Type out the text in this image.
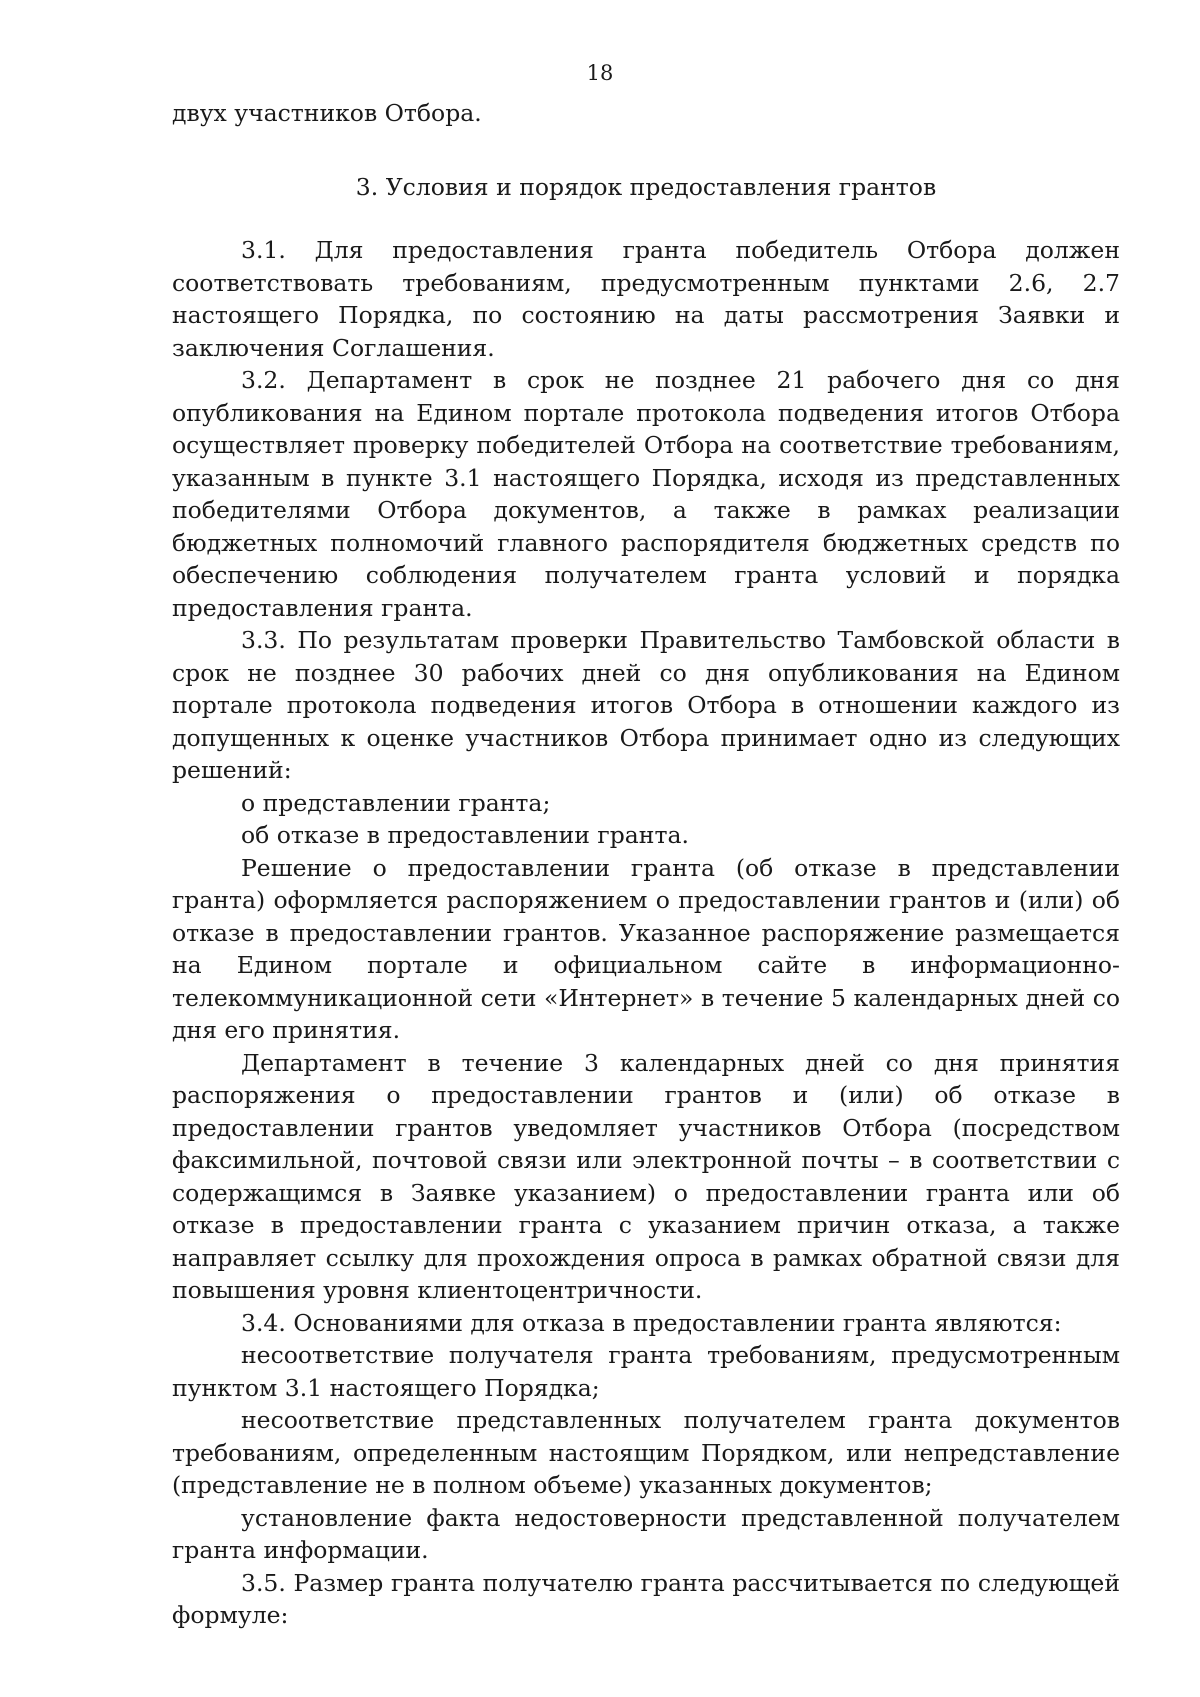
18

двух участников Отбора.

3. Условия и порядок предоставления грантов

3.1. Для предоставления гранта победитель Отбора должен соответствовать требованиям, предусмотренным пунктами 2.6, 2.7 настоящего Порядка, по состоянию на даты рассмотрения Заявки и заключения Соглашения.

3.2. Департамент в срок не позднее 21 рабочего дня со дня опубликования на Едином портале протокола подведения итогов Отбора осуществляет проверку победителей Отбора на соответствие требованиям, указанным в пункте 3.1 настоящего Порядка, исходя из представленных победителями Отбора документов, а также в рамках реализации бюджетных полномочий главного распорядителя бюджетных средств по обеспечению соблюдения получателем гранта условий и порядка предоставления гранта.

3.3. По результатам проверки Правительство Тамбовской области в срок не позднее 30 рабочих дней со дня опубликования на Едином портале протокола подведения итогов Отбора в отношении каждого из допущенных к оценке участников Отбора принимает одно из следующих решений:

о представлении гранта;

об отказе в предоставлении гранта.

Решение о предоставлении гранта (об отказе в представлении гранта) оформляется распоряжением о предоставлении грантов и (или) об отказе в предоставлении грантов. Указанное распоряжение размещается на Едином портале и официальном сайте в информационно-телекоммуникационной сети «Интернет» в течение 5 календарных дней со дня его принятия.

Департамент в течение 3 календарных дней со дня принятия распоряжения о предоставлении грантов и (или) об отказе в предоставлении грантов уведомляет участников Отбора (посредством факсимильной, почтовой связи или электронной почты – в соответствии с содержащимся в Заявке указанием) о предоставлении гранта или об отказе в предоставлении гранта с указанием причин отказа, а также направляет ссылку для прохождения опроса в рамках обратной связи для повышения уровня клиентоцентричности.

3.4. Основаниями для отказа в предоставлении гранта являются:

несоответствие получателя гранта требованиям, предусмотренным пунктом 3.1 настоящего Порядка;

несоответствие представленных получателем гранта документов требованиям, определенным настоящим Порядком, или непредставление (представление не в полном объеме) указанных документов;

установление факта недостоверности представленной получателем гранта информации.

3.5. Размер гранта получателю гранта рассчитывается по следующей формуле:
